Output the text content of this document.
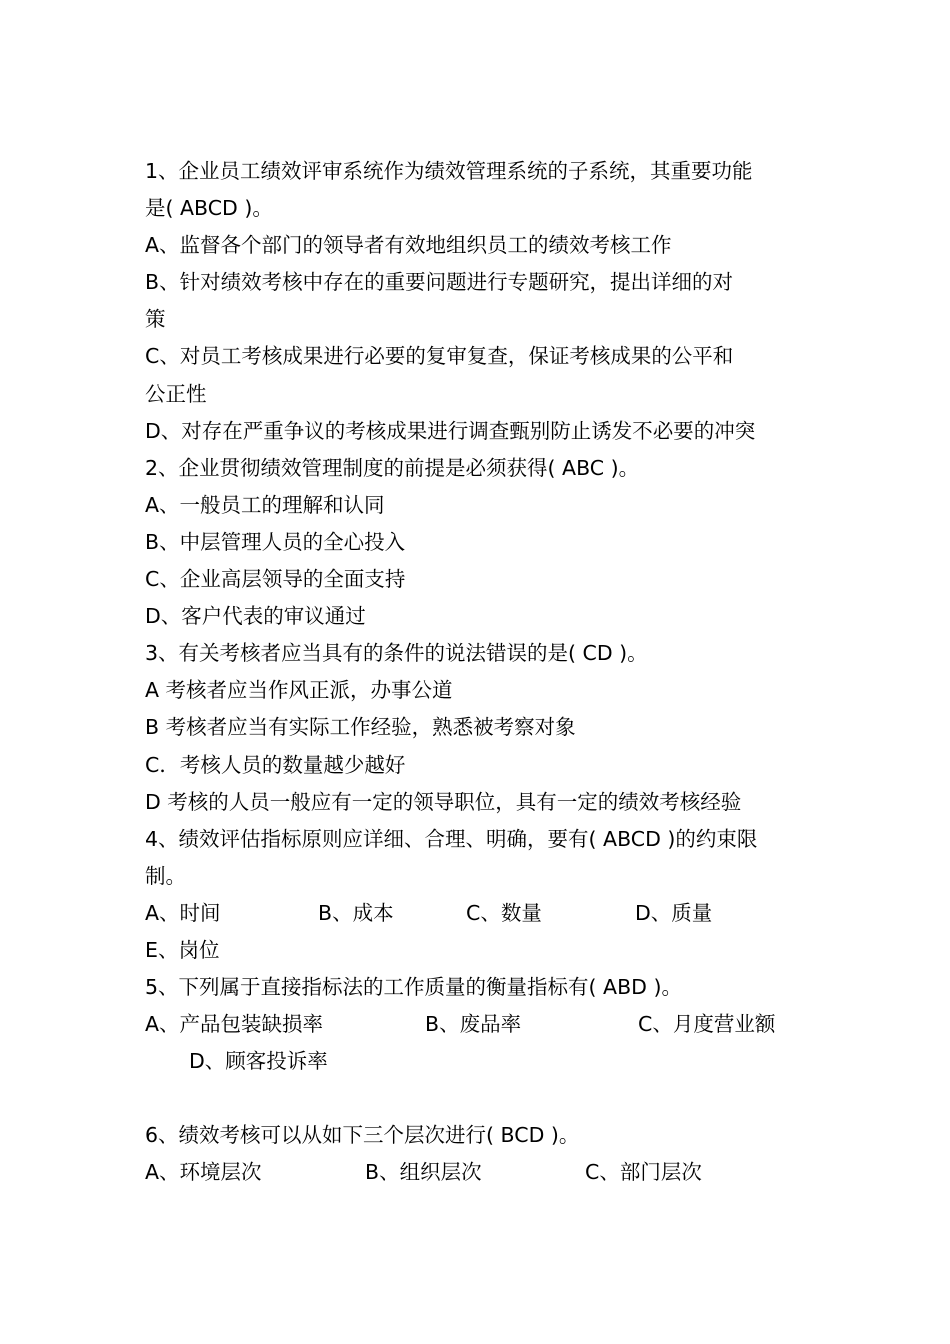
1、企业员工绩效评审系统作为绩效管理系统的子系统，其重要功能
是( ABCD )。
A、监督各个部门的领导者有效地组织员工的绩效考核工作
B、针对绩效考核中存在的重要问题进行专题研究，提出详细的对
策
C、对员工考核成果进行必要的复审复查，保证考核成果的公平和
公正性
D、对存在严重争议的考核成果进行调查甄别防止诱发不必要的冲突
2、企业贯彻绩效管理制度的前提是必须获得( ABC )。
A、一般员工的理解和认同
B、中层管理人员的全心投入
C、企业高层领导的全面支持
D、客户代表的审议通过
3、有关考核者应当具有的条件的说法错误的是( CD )。
A 考核者应当作风正派，办事公道
B 考核者应当有实际工作经验，熟悉被考察对象
C．考核人员的数量越少越好
D 考核的人员一般应有一定的领导职位，具有一定的绩效考核经验
4、绩效评估指标原则应详细、合理、明确，要有( ABCD )的约束限
制。
A、时间	B、成本	C、数量	D、质量
E、岗位
5、下列属于直接指标法的工作质量的衡量指标有( ABD )。
A、产品包装缺损率	B、废品率	C、月度营业额
D、顾客投诉率
6、绩效考核可以从如下三个层次进行( BCD )。
A、环境层次	B、组织层次	C、部门层次
